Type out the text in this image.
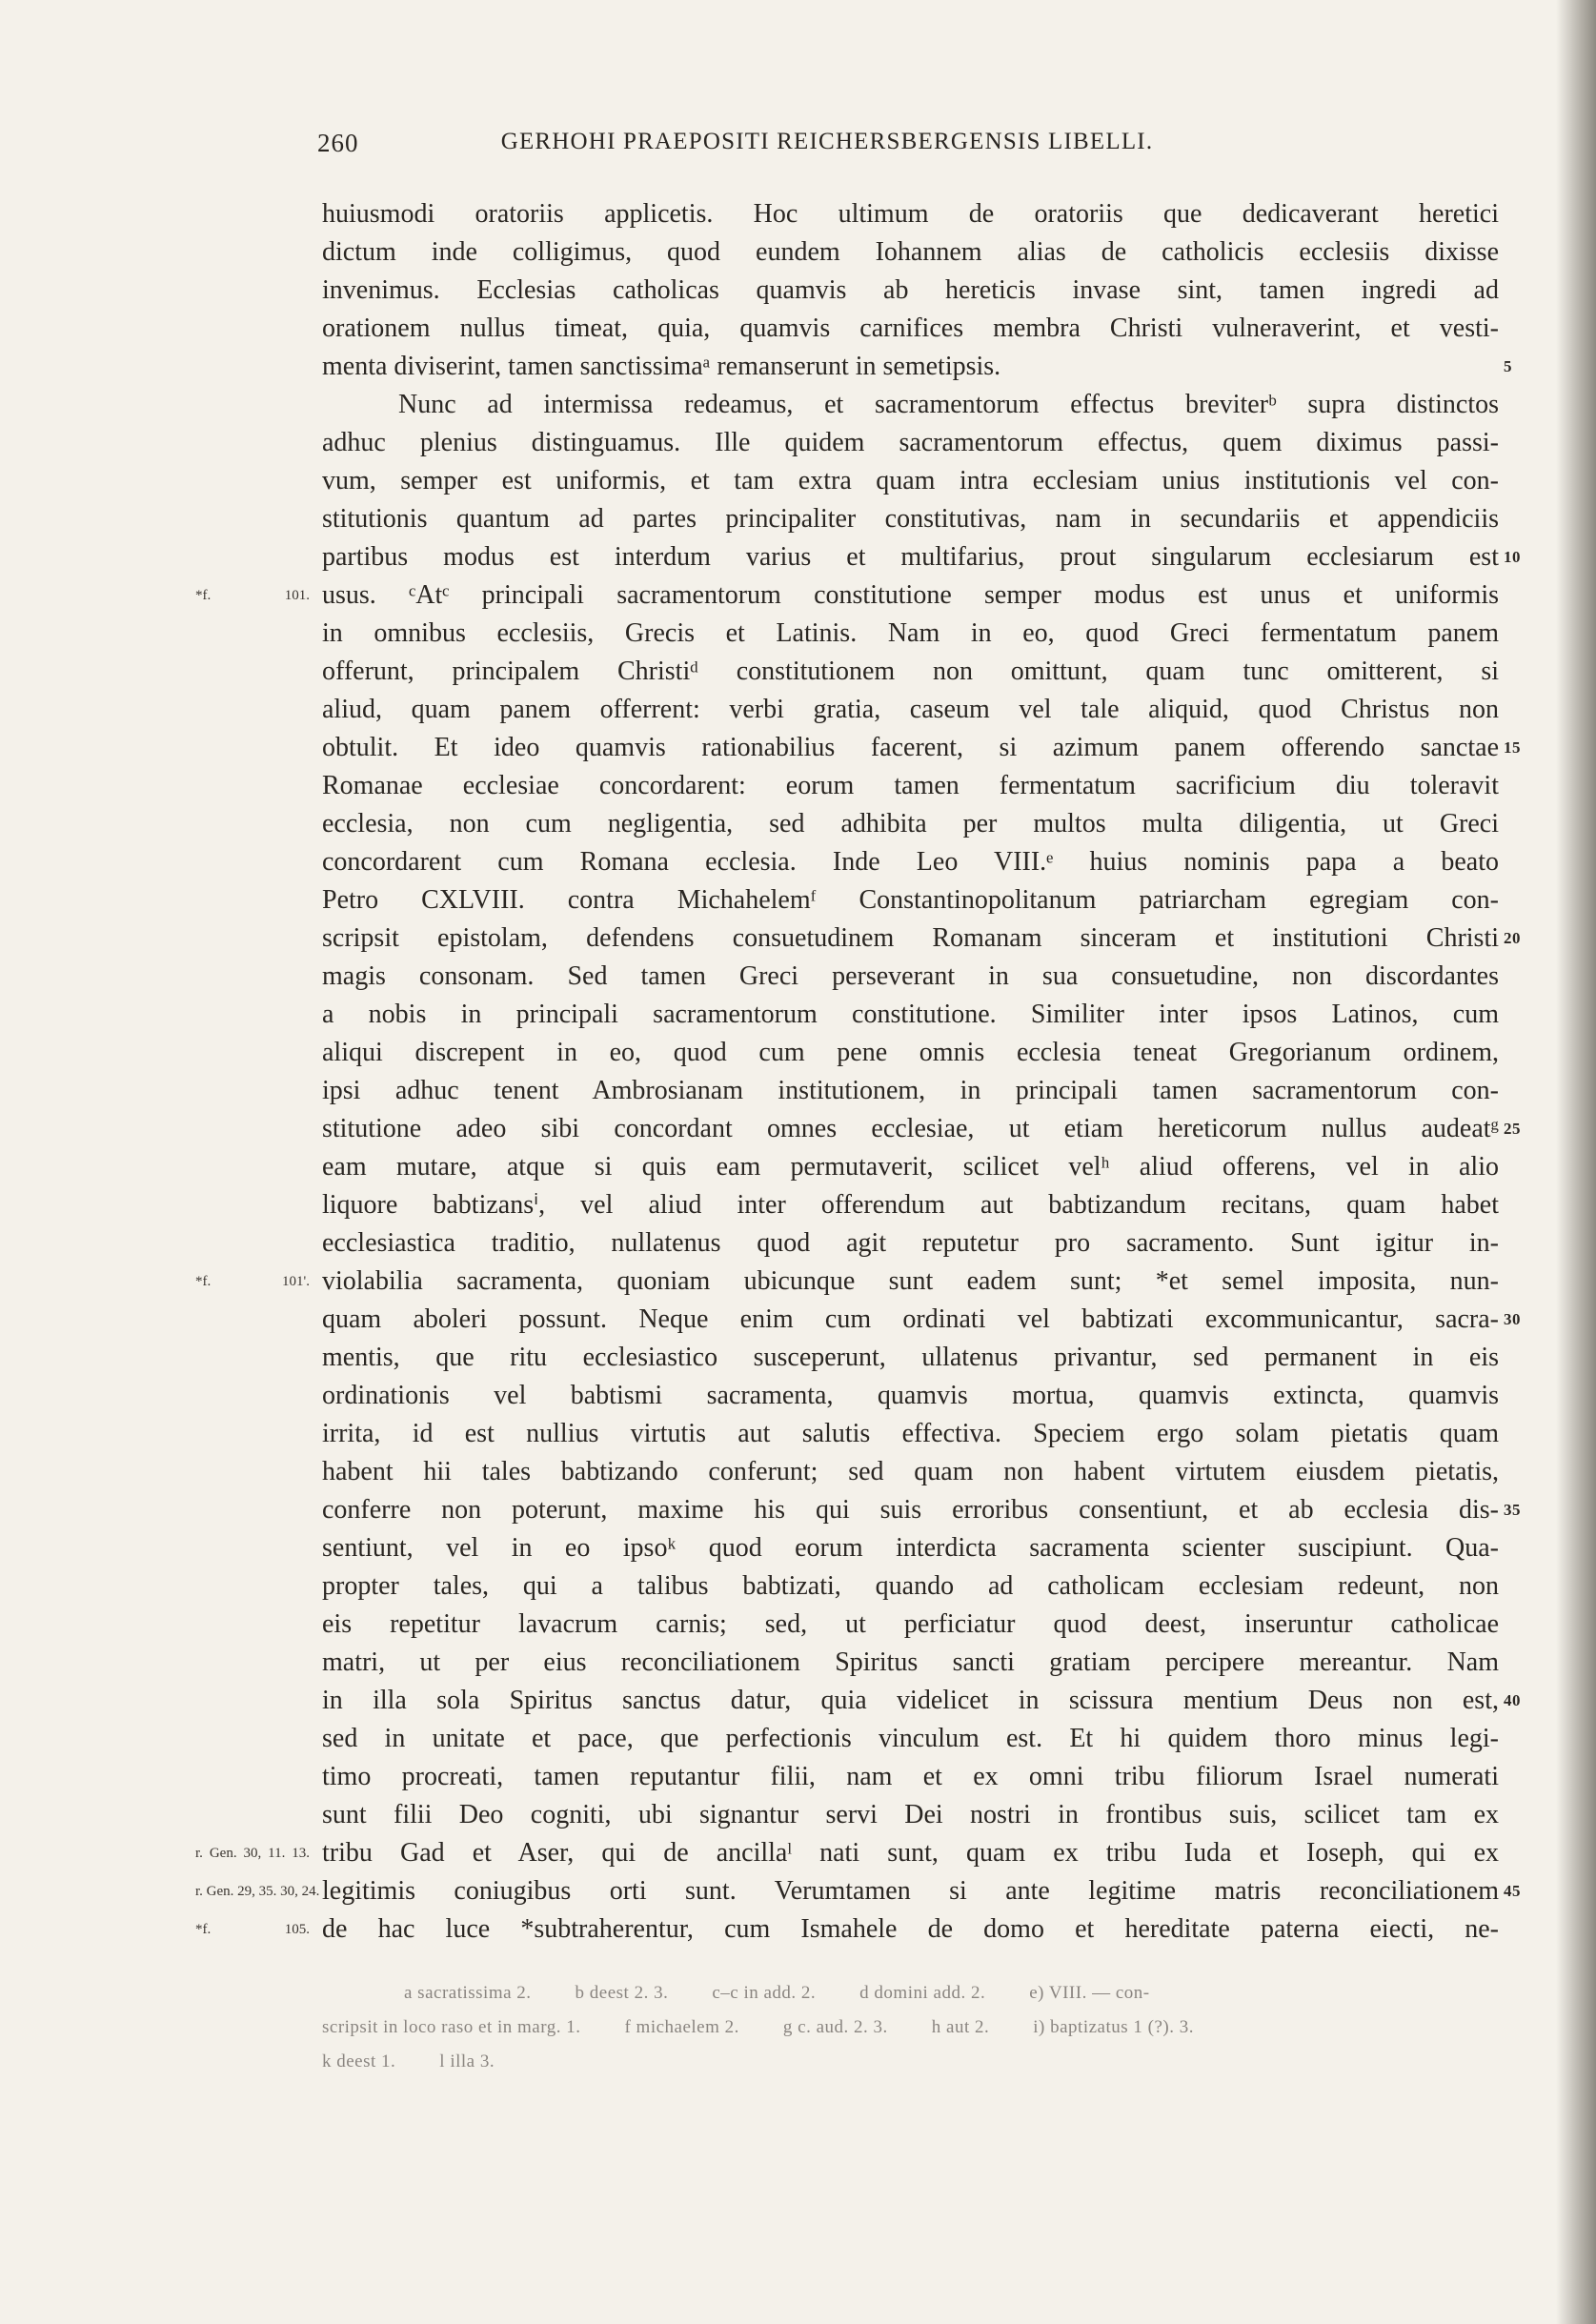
260	GERHOHI PRAEPOSITI REICHERSBERGENSIS LIBELLI.
huiusmodi oratoriis applicetis. Hoc ultimum de oratoriis que dedicaverant heretici
dictum inde colligimus, quod eundem Iohannem alias de catholicis ecclesiis dixisse
invenimus. Ecclesias catholicas quamvis ab hereticis invase sint, tamen ingredi ad
orationem nullus timeat, quia, quamvis carnifices membra Christi vulneraverint, et vesti-
menta diviserint, tamen sanctissimaᵃ remanserunt in semetipsis.	5
Nunc ad intermissa redeamus, et sacramentorum effectus breviterᵇ supra distinctos
adhuc plenius distinguamus. Ille quidem sacramentorum effectus, quem diximus passi-
vum, semper est uniformis, et tam extra quam intra ecclesiam unius institutionis vel con-
stitutionis quantum ad partes principaliter constitutivas, nam in secundariis et appendiciis
partibus modus est interdum varius et multifarius, prout singularum ecclesiarum est 10
usus. ᶜAtᶜ principali sacramentorum constitutione semper modus est unus et uniformis
*f. 101.
in omnibus ecclesiis, Grecis et Latinis. Nam in eo, quod Greci fermentatum panem
offerunt, principalem Christiᵈ constitutionem non omittunt, quam tunc omitterent, si
aliud, quam panem offerrent: verbi gratia, caseum vel tale aliquid, quod Christus non
obtulit. Et ideo quamvis rationabilius facerent, si azimum panem offerendo sanctae 15
Romanae ecclesiae concordarent: eorum tamen fermentatum sacrificium diu toleravit
ecclesia, non cum negligentia, sed adhibita per multos multa diligentia, ut Greci
concordarent cum Romana ecclesia. Inde Leo VIII.ᵉ huius nominis papa a beato
Petro CXLVIII. contra Michahelemᶠ Constantinopolitanum patriarcham egregiam con-
scripsit epistolam, defendens consuetudinem Romanam sinceram et institutioni Christi 20
magis consonam. Sed tamen Greci perseverant in sua consuetudine, non discordantes
a nobis in principali sacramentorum constitutione. Similiter inter ipsos Latinos, cum
aliqui discrepent in eo, quod cum pene omnis ecclesia teneat Gregorianum ordinem,
ipsi adhuc tenent Ambrosianam institutionem, in principali tamen sacramentorum con-
stitutione adeo sibi concordant omnes ecclesiae, ut etiam hereticorum nullus audeatᵍ 25
eam mutare, atque si quis eam permutaverit, scilicet velʰ aliud offerens, vel in alio
liquore babtizansⁱ, vel aliud inter offerendum aut babtizandum recitans, quam habet
ecclesiastica traditio, nullatenus quod agit reputetur pro sacramento. Sunt igitur in-
violabilia sacramenta, quoniam ubicunque sunt eadem sunt; *et semel imposita, nun-
*f. 101'.
quam aboleri possunt. Neque enim cum ordinati vel babtizati excommunicantur, sacra- 30
mentis, que ritu ecclesiastico susceperunt, ullatenus privantur, sed permanent in eis
ordinationis vel babtismi sacramenta, quamvis mortua, quamvis extincta, quamvis
irrita, id est nullius virtutis aut salutis effectiva. Speciem ergo solam pietatis quam
habent hii tales babtizando conferunt; sed quam non habent virtutem eiusdem pietatis,
conferre non poterunt, maxime his qui suis erroribus consentiunt, et ab ecclesia dis- 35
sentiunt, vel in eo ipsoᵏ quod eorum interdicta sacramenta scienter suscipiunt. Qua-
propter tales, qui a talibus babtizati, quando ad catholicam ecclesiam redeunt, non
eis repetitur lavacrum carnis; sed, ut perficiatur quod deest, inseruntur catholicae
matri, ut per eius reconciliationem Spiritus sancti gratiam percipere mereantur. Nam
in illa sola Spiritus sanctus datur, quia videlicet in scissura mentium Deus non est, 40
sed in unitate et pace, que perfectionis vinculum est. Et hi quidem thoro minus legi-
timo procreati, tamen reputantur filii, nam et ex omni tribu filiorum Israel numerati
sunt filii Deo cogniti, ubi signantur servi Dei nostri in frontibus suis, scilicet tam ex
tribu Gad et Aser, qui de ancillaˡ nati sunt, quam ex tribu Iuda et Ioseph, qui ex
r. Gen. 30, 11. 13.
legitimis coniugibus orti sunt. Verumtamen si ante legitime matris reconciliationem 45
r. Gen. 29, 35. 30, 24.
de hac luce *subtraherentur, cum Ismahele de domo et hereditate paterna eiecti, ne-
*f. 105.
a sacratissima 2. b deest 2. 3. c–c in add. 2. d domini add. 2. e) VIII. — con-
scripsit in loco raso et in marg. 1. f michaelem 2. g c. aud. 2. 3. h aut 2. i) baptizatus 1 (?). 3.
k deest 1. l illa 3.
